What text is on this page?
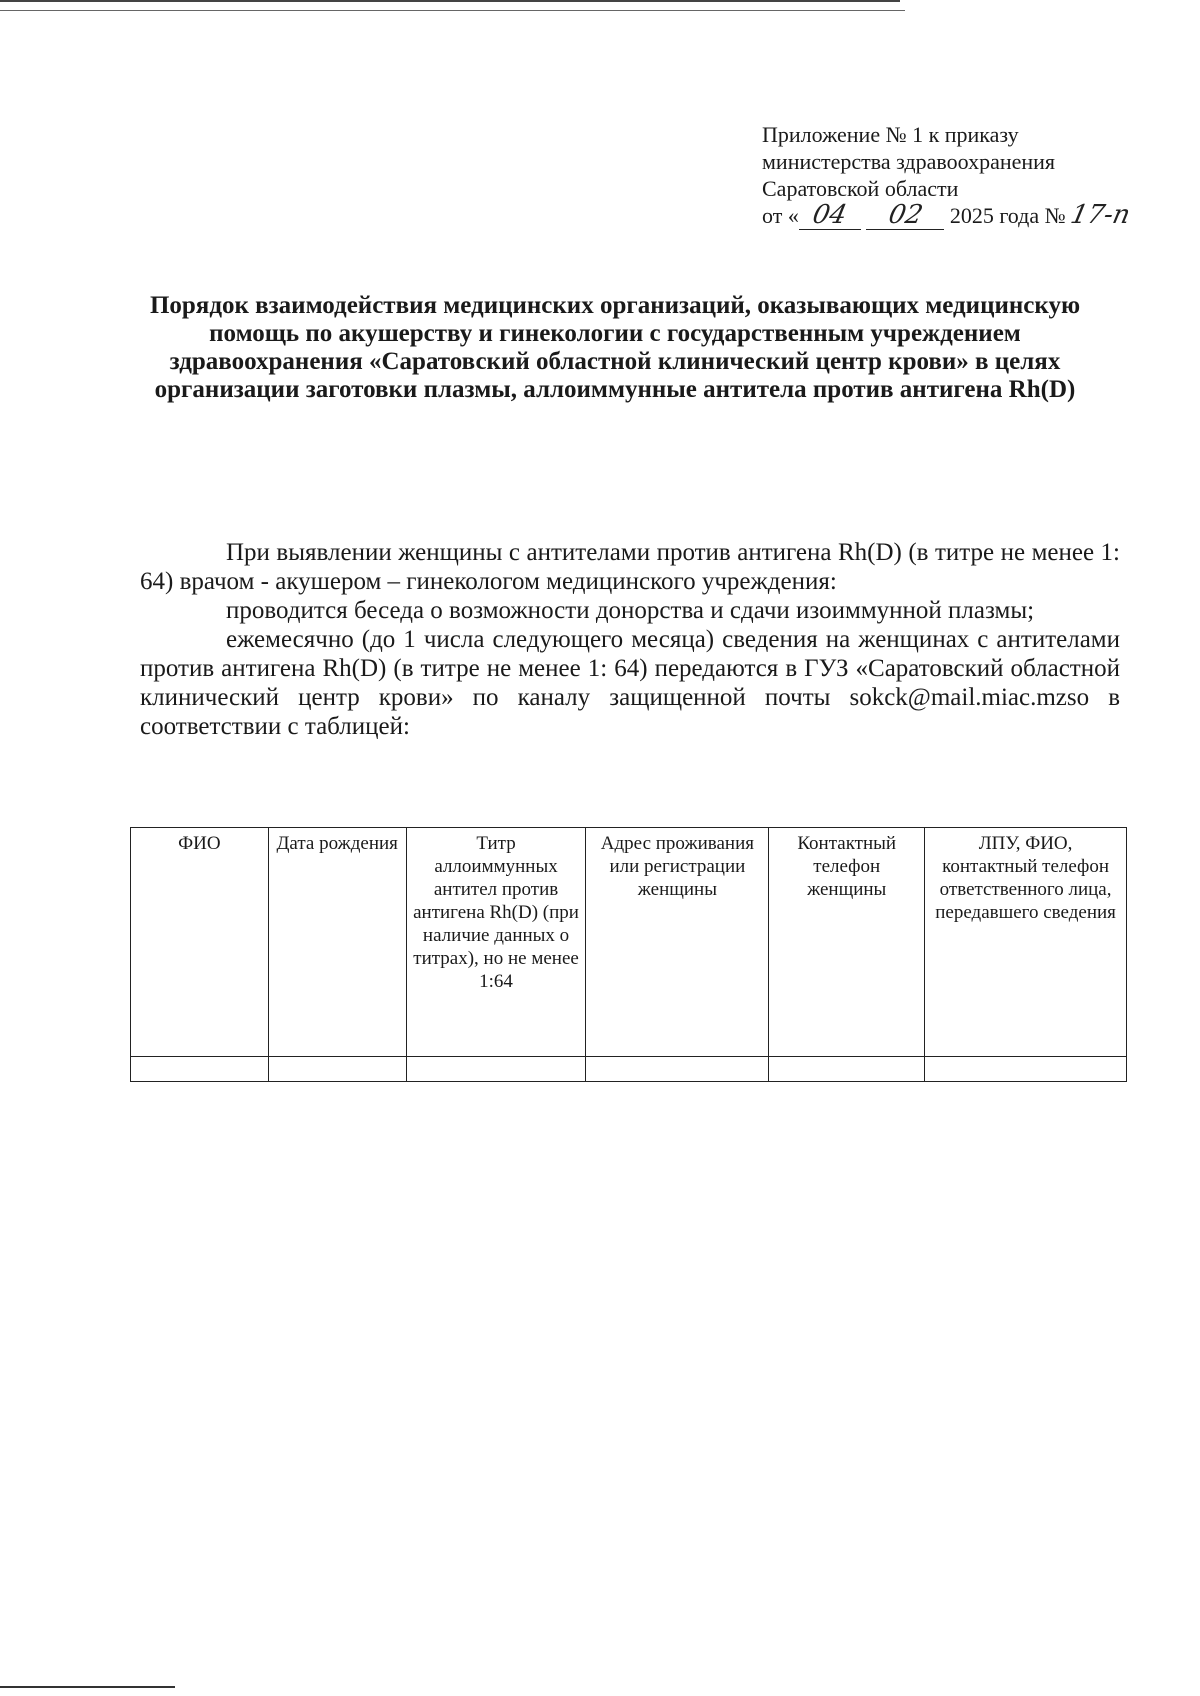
Приложение № 1 к приказу
министерства здравоохранения
Саратовской области
от « 04 02 2025 года № 17-п
Порядок взаимодействия медицинских организаций, оказывающих медицинскую помощь по акушерству и гинекологии с государственным учреждением здравоохранения «Саратовский областной клинический центр крови» в целях организации заготовки плазмы, аллоиммунные антитела против антигена Rh(D)

При выявлении женщины с антителами против антигена Rh(D) (в титре не менее 1: 64) врачом - акушером – гинекологом медицинского учреждения:

проводится беседа о возможности донорства и сдачи изоиммунной плазмы;

ежемесячно (до 1 числа следующего месяца) сведения на женщинах с антителами против антигена Rh(D) (в титре не менее 1: 64) передаются в ГУЗ «Саратовский областной клинический центр крови» по каналу защищенной почты sokck@mail.miac.mzso в соответствии с таблицей:

ФИО	Дата рождения	Титр аллоиммунных антител против антигена Rh(D) (при наличие данных о титрах), но не менее 1:64	Адрес проживания или регистрации женщины	Контактный телефон женщины	ЛПУ, ФИО, контактный телефон ответственного лица, передавшего сведения
